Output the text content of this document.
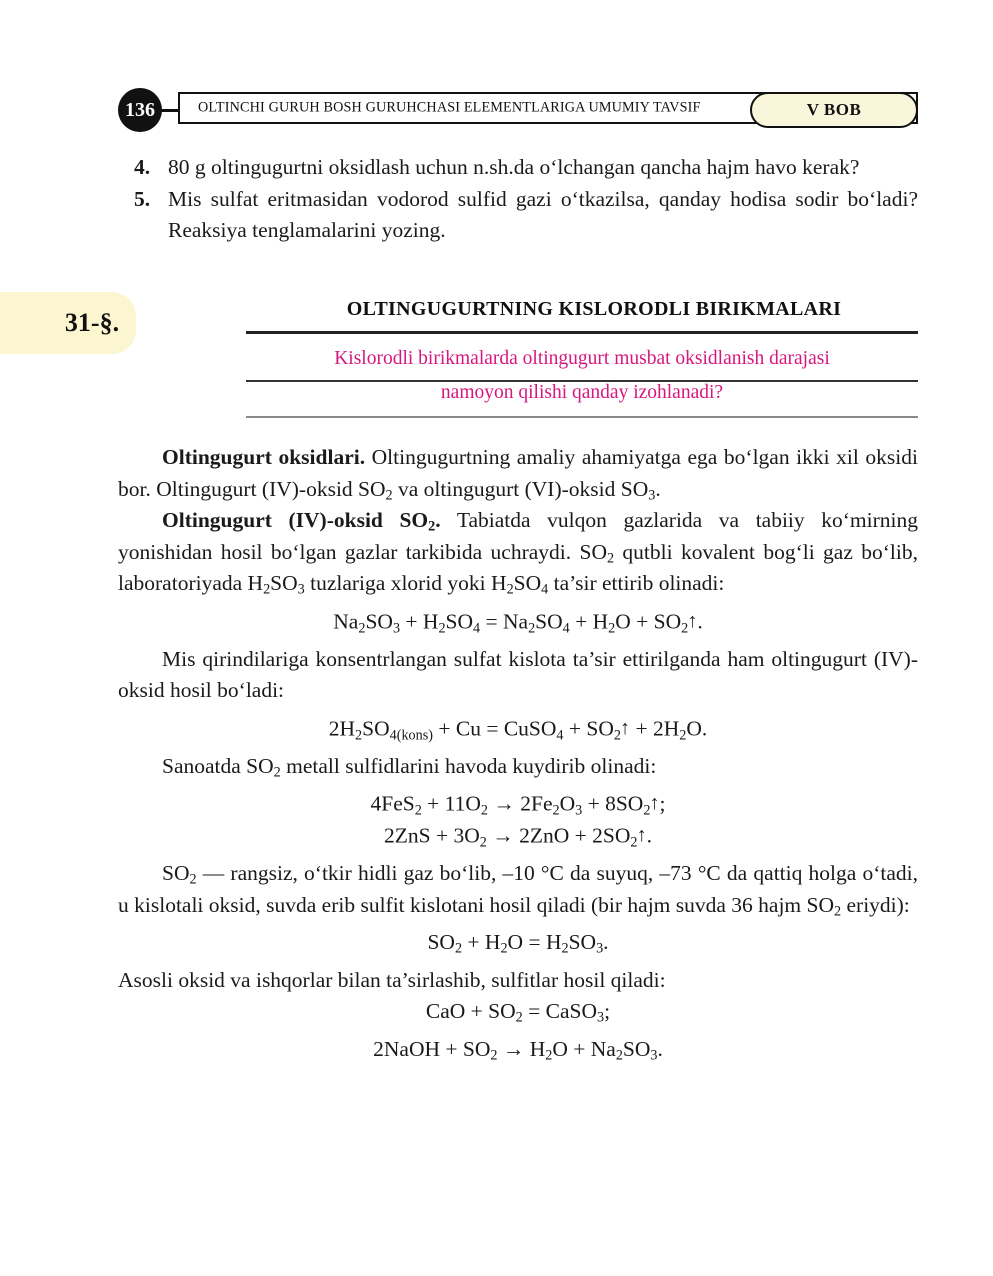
136	OLTINCHI GURUH BOSH GURUHCHASI ELEMENTLARIGA UMUMIY TAVSIF	V BOB
4. 80 g oltingugurtni oksidlash uchun n.sh.da o‘lchangan qancha hajm havo kerak?
5. Mis sulfat eritmasidan vodorod sulfid gazi o‘tkazilsa, qanday hodisa sodir bo‘ladi? Reaksiya tenglamalarini yozing.
31-§.	OLTINGUGURTNING KISLORODLI BIRIKMALARI
Kislorodli birikmalarda oltingugurt musbat oksidlanish darajasi
namoyon qilishi qanday izohlanadi?

Oltingugurt oksidlari. Oltingugurtning amaliy ahamiyatga ega bo‘lgan ikki xil oksidi bor. Oltingugurt (IV)-oksid $SO_2$ va oltingugurt (VI)-oksid $SO_3$.

Oltingugurt (IV)-oksid $SO_2$. Tabiatda vulqon gazlarida va tabiiy ko‘mirning yonishidan hosil bo‘lgan gazlar tarkibida uchraydi. $SO_2$ qutbli kovalent bog‘li gaz bo‘lib, laboratoriyada $H_2SO_3$ tuzlariga xlorid yoki $H_2SO_4$ ta’sir ettirib olinadi:

$Na_2SO_3 + H_2SO_4 = Na_2SO_4 + H_2O$ + $SO_2↑$.

Mis qirindilariga konsentrlangan sulfat kislota ta’sir ettirilganda ham oltingugurt (IV)-oksid hosil bo‘ladi:

$2H_2SO_{4(kons)} + Cu$ = CuSO$_4$ + $SO_2↑ + 2H_2O$.

Sanoatda $SO_2$ metall sulfidlarini havoda kuydirib olinadi:

$4FeS_2 + 11O_2 \to 2Fe_2O_3$ + $8SO_2↑$;

$2ZnS + 3O_2 \to 2ZnO$ + $2SO_2↑$.

$SO_2$ — rangsiz, o‘tkir hidli gaz bo‘lib, –10 °C da suyuq, –73 °C da qattiq holga o‘tadi, u kislotali oksid, suvda erib sulfit kislotani hosil qiladi (bir hajm suvda 36 hajm $SO_2$ eriydi):

$SO_2 + H_2O = H_2SO_3$.

Asosli oksid va ishqorlar bilan ta’sirlashib, sulfitlar hosil qiladi:

CaO + $SO_2$ = CaSO$_3$;

2NaOH + $SO_2 \to H_2O + Na_2SO_3$.
